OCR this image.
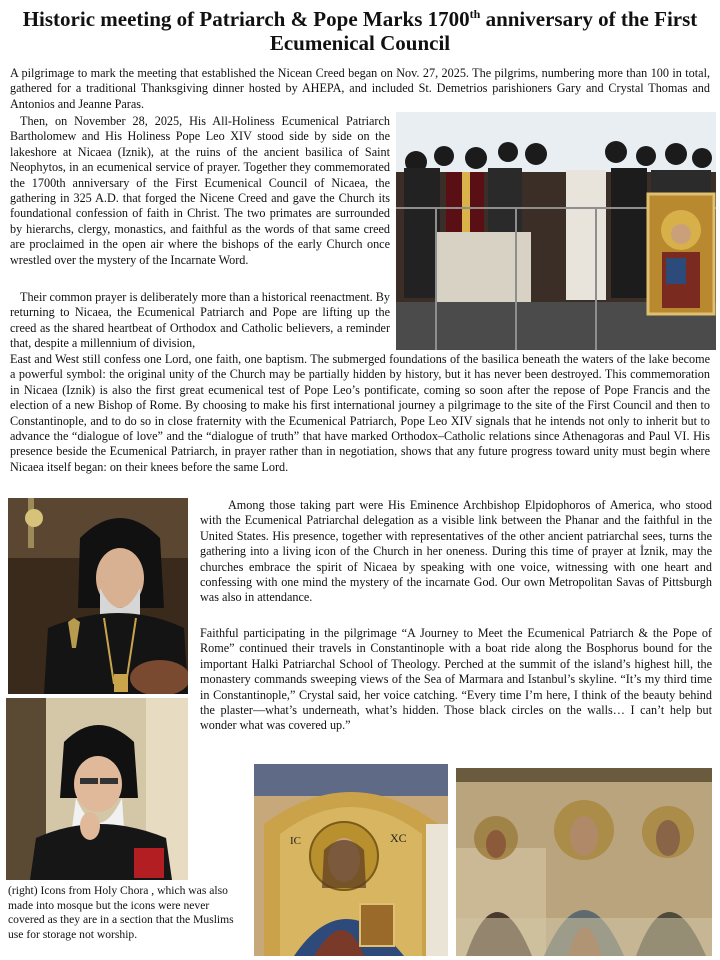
Historic meeting of Patriarch & Pope Marks 1700th anniversary of the First
Ecumenical Council

A pilgrimage to mark the meeting that established the Nicean Creed began on Nov. 27, 2025. The pilgrims, numbering more than 100 in total, gathered for a traditional Thanksgiving dinner hosted by AHEPA, and included St. Demetrios parishioners Gary and Crystal Thomas and Antonios and Jeanne Paras.

Then, on November 28, 2025, His All-Holiness Ecumenical Patriarch Bartholomew and His Holiness Pope Leo XIV stood side by side on the lakeshore at Nicaea (Iznik), at the ruins of the ancient basilica of Saint Neophytos, in an ecumenical service of prayer. Together they commemorated the 1700th anniversary of the First Ecumenical Council of Nicaea, the gathering in 325 A.D. that forged the Nicene Creed and gave the Church its foundational confession of faith in Christ. The two primates are surrounded by hierarchs, clergy, monastics, and faithful as the words of that same creed are proclaimed in the open air where the bishops of the early Church once wrestled over the mystery of the Incarnate Word.

Their common prayer is deliberately more than a historical reenactment. By returning to Nicaea, the Ecumenical Patriarch and Pope are lifting up the creed as the shared heartbeat of Orthodox and Catholic believers, a reminder that, despite a millennium of division,

East and West still confess one Lord, one faith, one baptism. The submerged foundations of the basilica beneath the waters of the lake become a powerful symbol: the original unity of the Church may be partially hidden by history, but it has never been destroyed. This commemoration in Nicaea (Iznik) is also the first great ecumenical test of Pope Leo’s pontificate, coming so soon after the repose of Pope Francis and the election of a new Bishop of Rome. By choosing to make his first international journey a pilgrimage to the site of the First Council and then to Constantinople, and to do so in close fraternity with the Ecumenical Patriarch, Pope Leo XIV signals that he intends not only to inherit but to advance the “dialogue of love” and the “dialogue of truth” that have marked Orthodox–Catholic relations since Athenagoras and Paul VI. His presence beside the Ecumenical Patriarch, in prayer rather than in negotiation, shows that any future progress toward unity must begin where Nicaea itself began: on their knees before the same Lord.

Among those taking part were His Eminence Archbishop Elpidophoros of America, who stood with the Ecumenical Patriarchal delegation as a visible link between the Phanar and the faithful in the United States. His presence, together with representatives of the other ancient patriarchal sees, turns the gathering into a living icon of the Church in her oneness. During this time of prayer at İznik, may the churches embrace the spirit of Nicaea by speaking with one voice, witnessing with one heart and confessing with one mind the mystery of the incarnate God. Our own Metropolitan Savas of Pittsburgh was also in attendance.

Faithful participating in the pilgrimage “A Journey to Meet the Ecumenical Patriarch & the Pope of Rome” continued their travels in Constantinople with a boat ride along the Bosphorus bound for the important Halki Patriarchal School of Theology. Perched at the summit of the island’s highest hill, the monastery commands sweeping views of the Sea of Marmara and Istanbul’s skyline. “It’s my third time in Constantinople,” Crystal said, her voice catching. “Every time I’m here, I think of the beauty behind the plaster—what’s underneath, what’s hidden. Those black circles on the walls… I can’t help but wonder what was covered up.”

IC	XC

(right) Icons from Holy Chora , which was also made into mosque but the icons were never covered as they are in a section that the Muslims use for storage not worship.
